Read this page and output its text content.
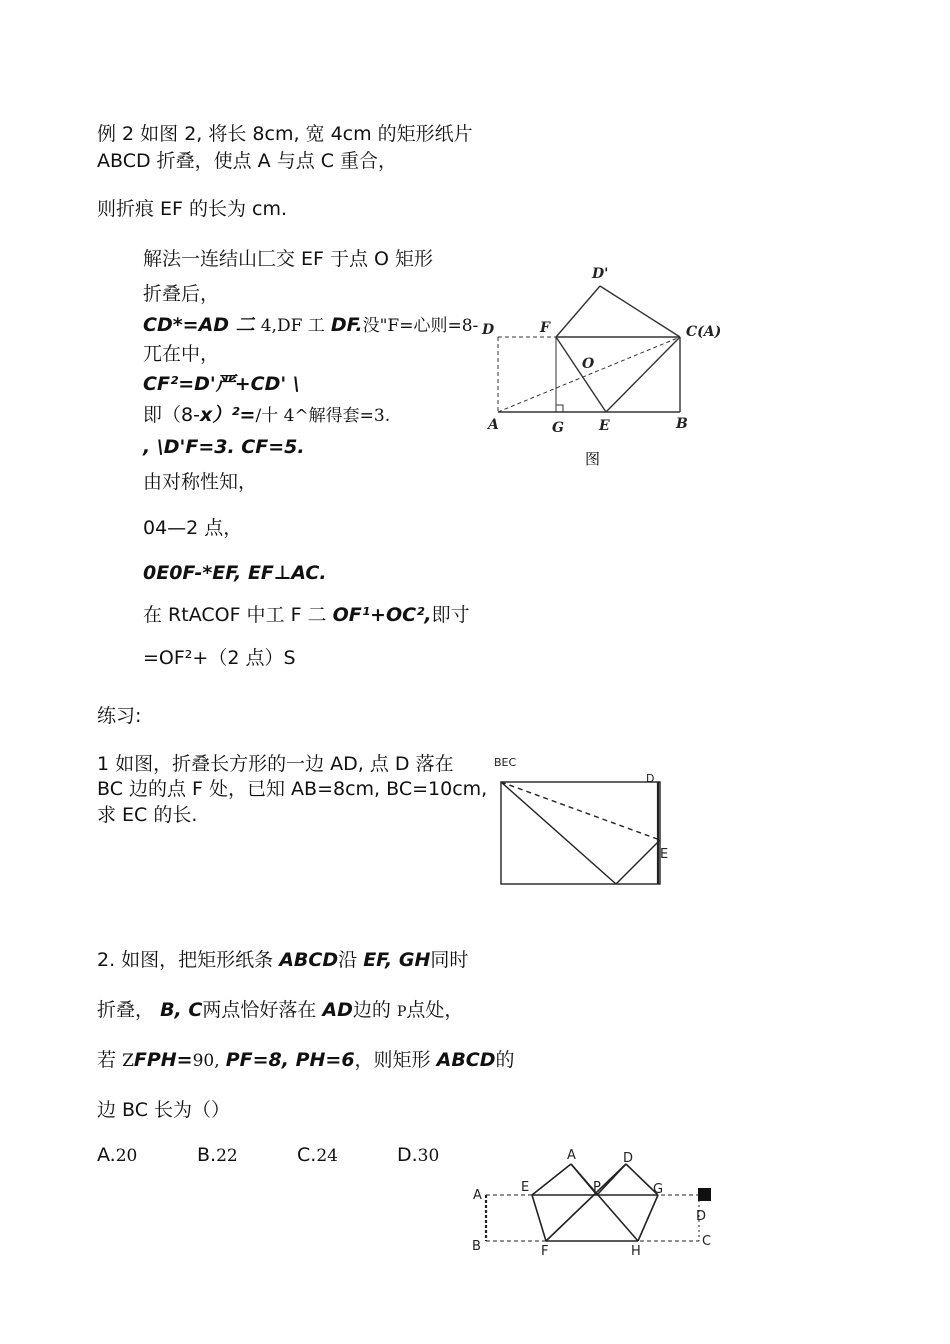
例 2 如图 2, 将长 8cm, 宽 4cm 的矩形纸片
ABCD 折叠，使点 A 与点 C 重合，
则折痕 EF 的长为 cm.
解法一连结山匚交 EF 于点 O 矩形
折叠后，
CD*=AD 二 4,DF 工 DF.没"F=心则=8-
兀在中，
CF²=D'严+CD' \
即（8-x）²=/十 4^解得套=3.
, \D'F=3. CF=5.
由对称性知，
04—2 点，
0E0F-*EF, EF⊥AC.
在 RtACOF 中工 F 二 OF¹+OC²,即寸
=OF²+（2 点）S
D'
D	F	C(A)
O
A	G	E	B
图
练习:
1 如图，折叠长方形的一边 AD, 点 D 落在
BC 边的点 F 处，已知 AB=8cm, BC=10cm,
求 EC 的长.
BEC
D
E
2. 如图，把矩形纸条 ABCD沿 EF, GH同时
折叠， B, C两点恰好落在 AD边的 P点处，
若 ZFPH=90, PF=8, PH=6，则矩形 ABCD的
边 BC 长为（）
A.20	B.22	C.24	D.30	A	D
A
E	P	G
B	F	H
D
C
